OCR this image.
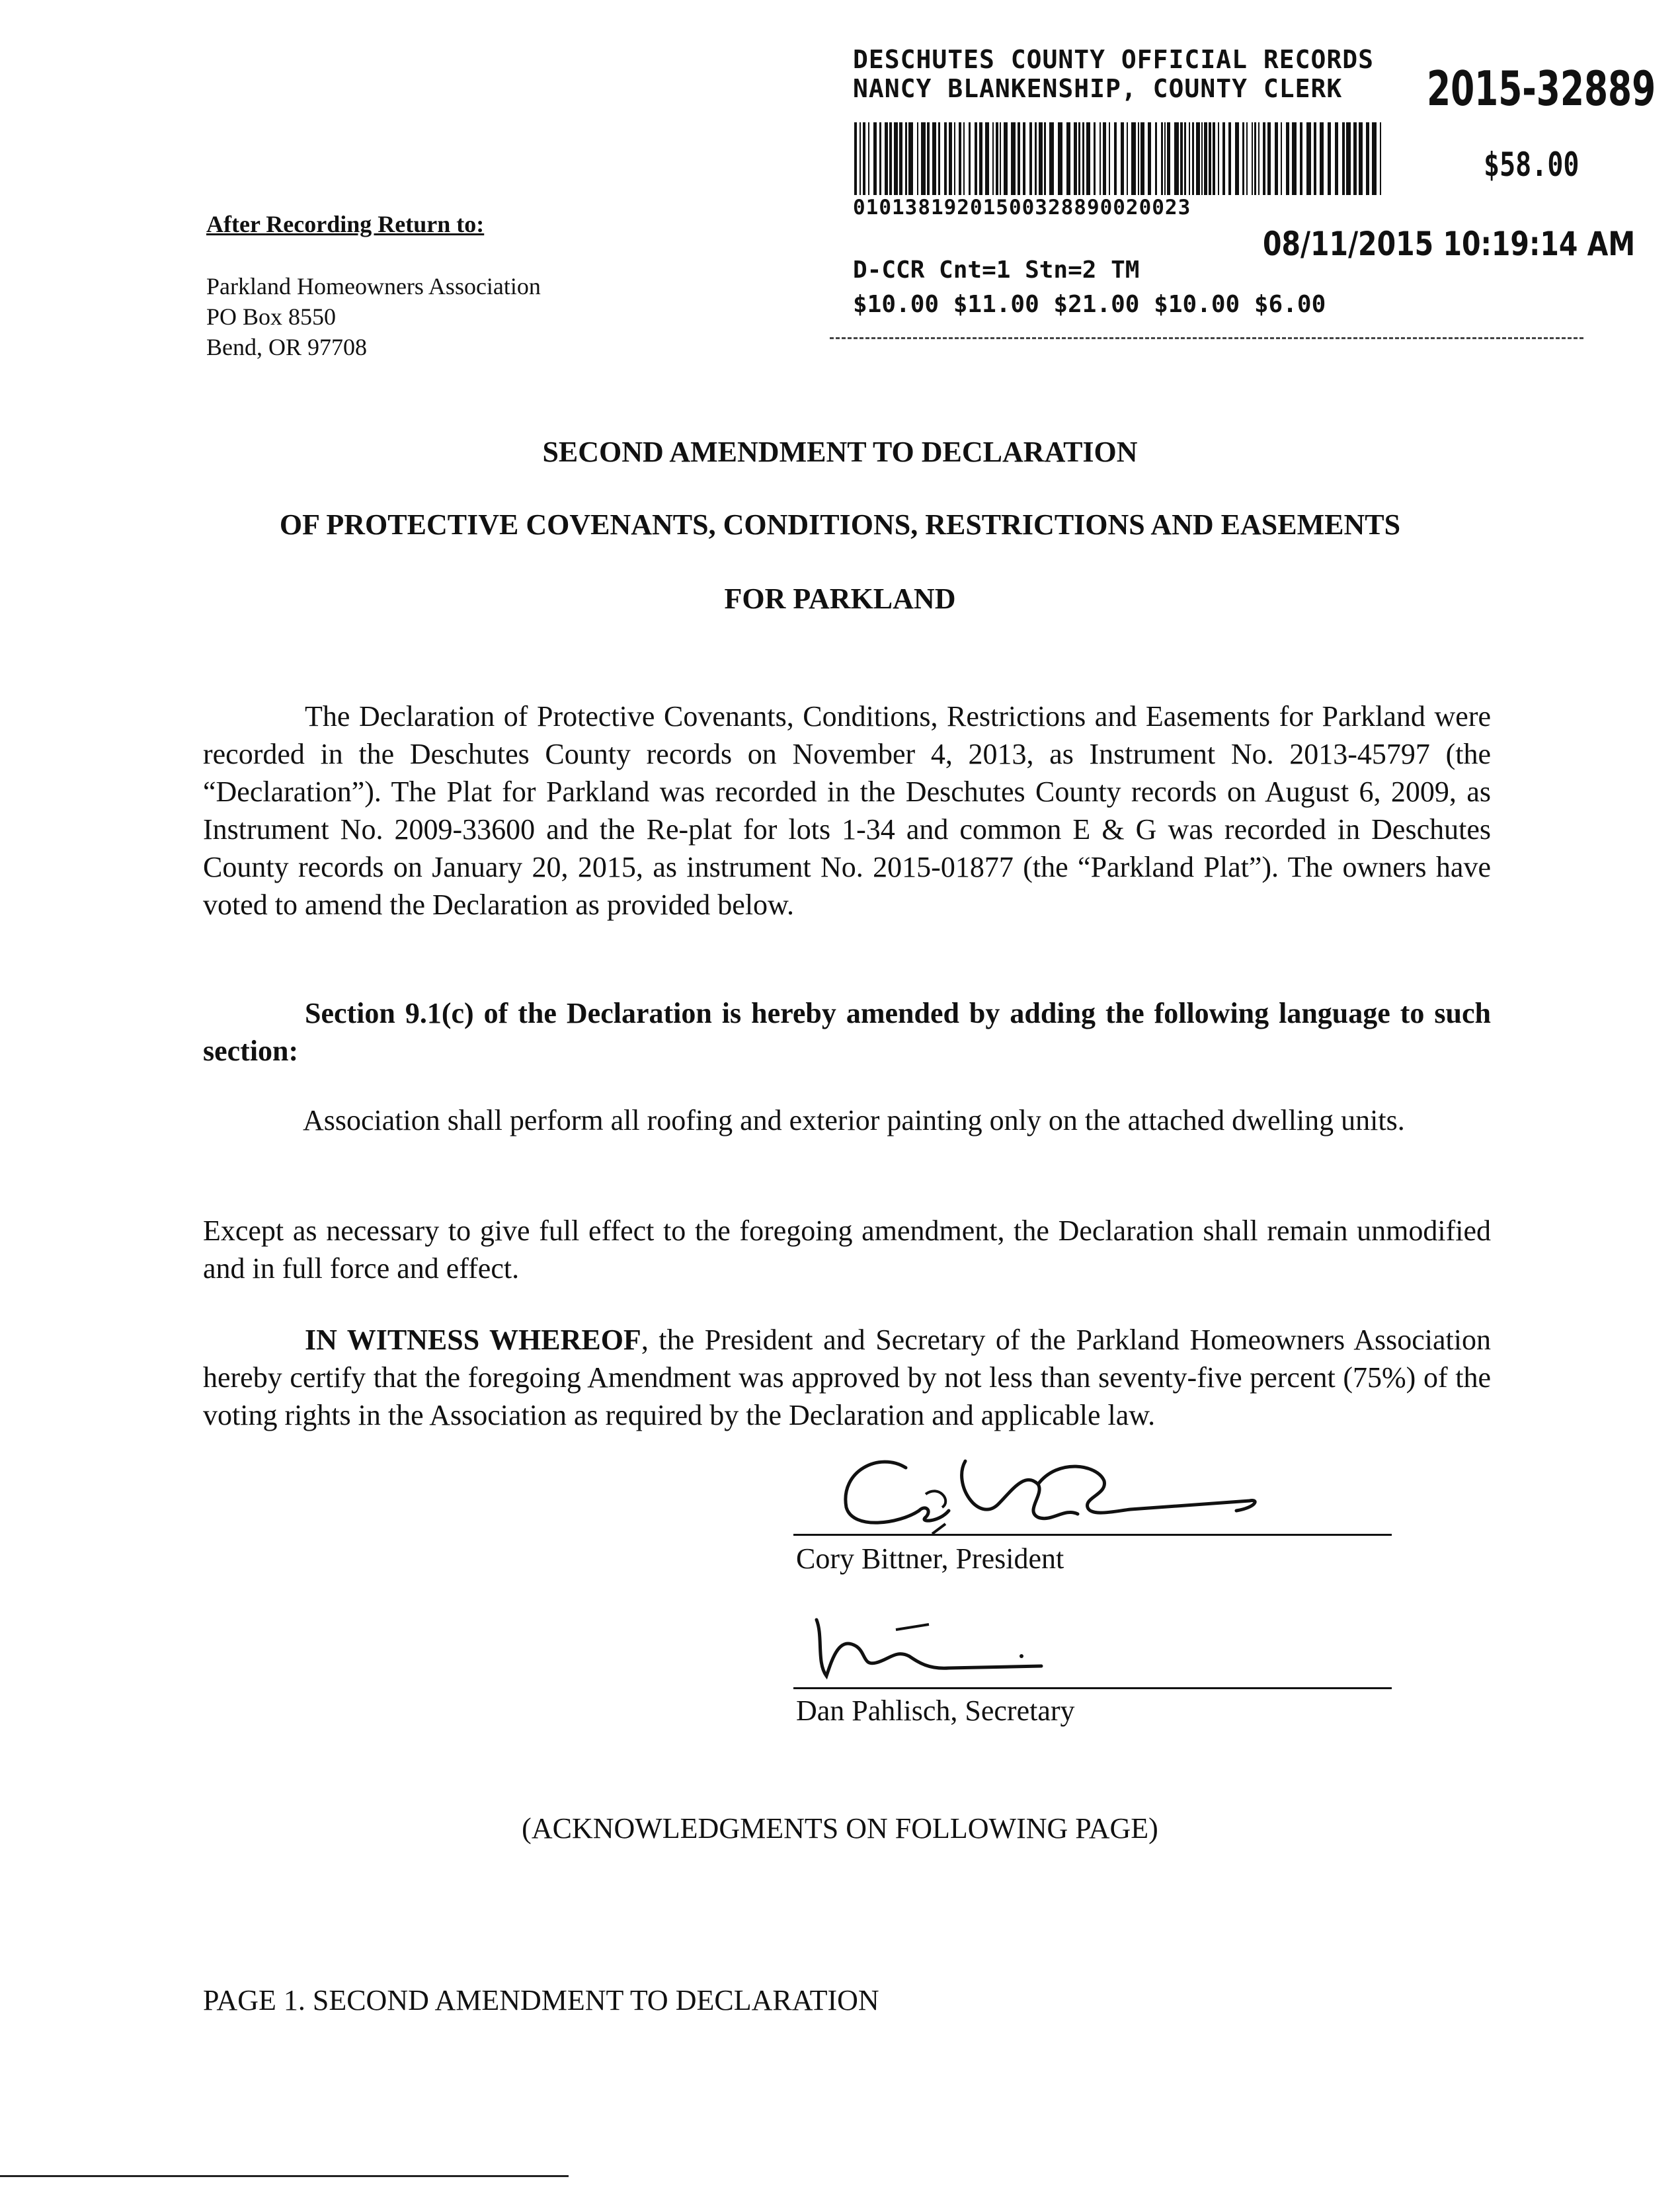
DESCHUTES COUNTY OFFICIAL RECORDS
NANCY BLANKENSHIP, COUNTY CLERK 2015-32889
$58.00
01013819201500328890020023
08/11/2015 10:19:14 AM
D-CCR Cnt=1 Stn=2 TM
$10.00 $11.00 $21.00 $10.00 $6.00
After Recording Return to:
Parkland Homeowners Association
PO Box 8550
Bend, OR 97708
SECOND AMENDMENT TO DECLARATION
OF PROTECTIVE COVENANTS, CONDITIONS, RESTRICTIONS AND EASEMENTS
FOR PARKLAND

The Declaration of Protective Covenants, Conditions, Restrictions and Easements for Parkland were recorded in the Deschutes County records on November 4, 2013, as Instrument No. 2013-45797 (the “Declaration”). The Plat for Parkland was recorded in the Deschutes County records on August 6, 2009, as Instrument No. 2009-33600 and the Re-plat for lots 1-34 and common E & G was recorded in Deschutes County records on January 20, 2015, as instrument No. 2015-01877 (the “Parkland Plat”). The owners have voted to amend the Declaration as provided below.

Section 9.1(c) of the Declaration is hereby amended by adding the following language to such section:

Association shall perform all roofing and exterior painting only on the attached dwelling units.

Except as necessary to give full effect to the foregoing amendment, the Declaration shall remain unmodified and in full force and effect.

IN WITNESS WHEREOF, the President and Secretary of the Parkland Homeowners Association hereby certify that the foregoing Amendment was approved by not less than seventy-five percent (75%) of the voting rights in the Association as required by the Declaration and applicable law.

Cory Bittner, President
Dan Pahlisch, Secretary
(ACKNOWLEDGMENTS ON FOLLOWING PAGE)
PAGE 1. SECOND AMENDMENT TO DECLARATION
